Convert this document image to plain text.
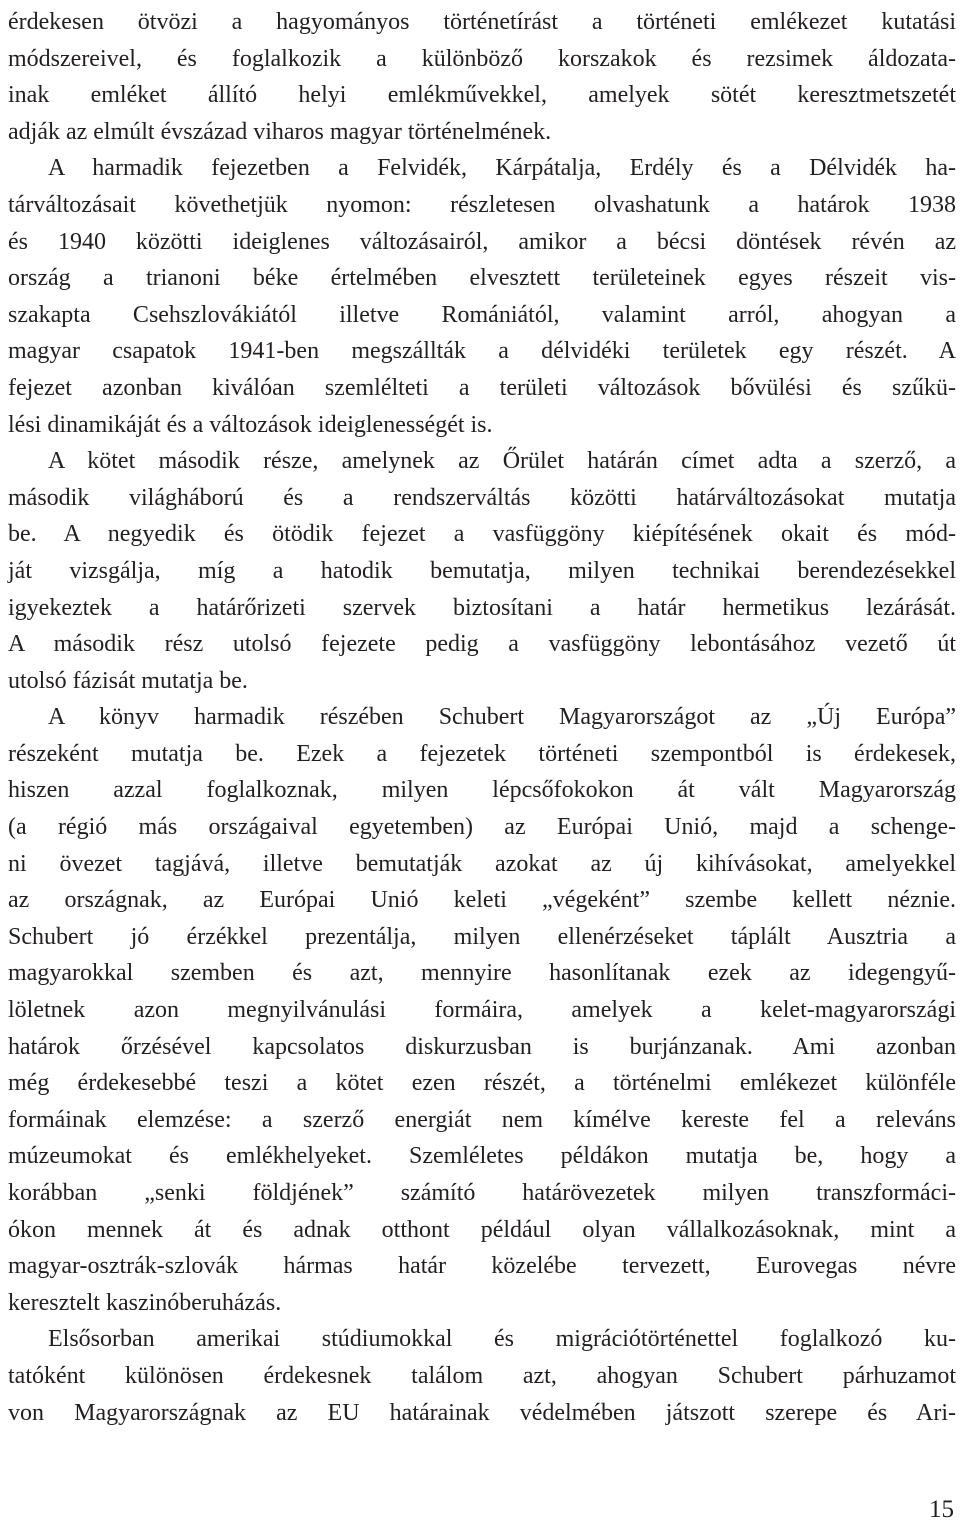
érdekesen ötvözi a hagyományos történetírást a történeti emlékezet kutatási
módszereivel, és foglalkozik a különböző korszakok és rezsimek áldozata-
inak emléket állító helyi emlékművekkel, amelyek sötét keresztmetszetét
adják az elmúlt évszázad viharos magyar történelmének.
A harmadik fejezetben a Felvidék, Kárpátalja, Erdély és a Délvidék ha-
tárváltozásait követhetjük nyomon: részletesen olvashatunk a határok 1938
és 1940 közötti ideiglenes változásairól, amikor a bécsi döntések révén az
ország a trianoni béke értelmében elvesztett területeinek egyes részeit vis-
szakapta Csehszlovákiától illetve Romániától, valamint arról, ahogyan a
magyar csapatok 1941-ben megszállták a délvidéki területek egy részét. A
fejezet azonban kiválóan szemlélteti a területi változások bővülési és szűkü-
lési dinamikáját és a változások ideiglenességét is.
A kötet második része, amelynek az Őrület határán címet adta a szerző, a
második világháború és a rendszerváltás közötti határváltozásokat mutatja
be. A negyedik és ötödik fejezet a vasfüggöny kiépítésének okait és mód-
ját vizsgálja, míg a hatodik bemutatja, milyen technikai berendezésekkel
igyekeztek a határőrizeti szervek biztosítani a határ hermetikus lezárását.
A második rész utolsó fejezete pedig a vasfüggöny lebontásához vezető út
utolsó fázisát mutatja be.
A könyv harmadik részében Schubert Magyarországot az „Új Európa”
részeként mutatja be. Ezek a fejezetek történeti szempontból is érdekesek,
hiszen azzal foglalkoznak, milyen lépcsőfokokon át vált Magyarország
(a régió más országaival egyetemben) az Európai Unió, majd a schenge-
ni övezet tagjává, illetve bemutatják azokat az új kihívásokat, amelyekkel
az országnak, az Európai Unió keleti „végeként” szembe kellett néznie.
Schubert jó érzékkel prezentálja, milyen ellenérzéseket táplált Ausztria a
magyarokkal szemben és azt, mennyire hasonlítanak ezek az idegengyű-
löletnek azon megnyilvánulási formáira, amelyek a kelet-magyarországi
határok őrzésével kapcsolatos diskurzusban is burjánzanak. Ami azonban
még érdekesebbé teszi a kötet ezen részét, a történelmi emlékezet különféle
formáinak elemzése: a szerző energiát nem kímélve kereste fel a releváns
múzeumokat és emlékhelyeket. Szemléletes példákon mutatja be, hogy a
korábban „senki földjének” számító határövezetek milyen transzformáci-
ókon mennek át és adnak otthont például olyan vállalkozásoknak, mint a
magyar-osztrák-szlovák hármas határ közelébe tervezett, Eurovegas névre
keresztelt kaszinóberuházás.
Elsősorban amerikai stúdiumokkal és migrációtörténettel foglalkozó ku-
tatóként különösen érdekesnek találom azt, ahogyan Schubert párhuzamot
von Magyarországnak az EU határainak védelmében játszott szerepe és Ari-
15
